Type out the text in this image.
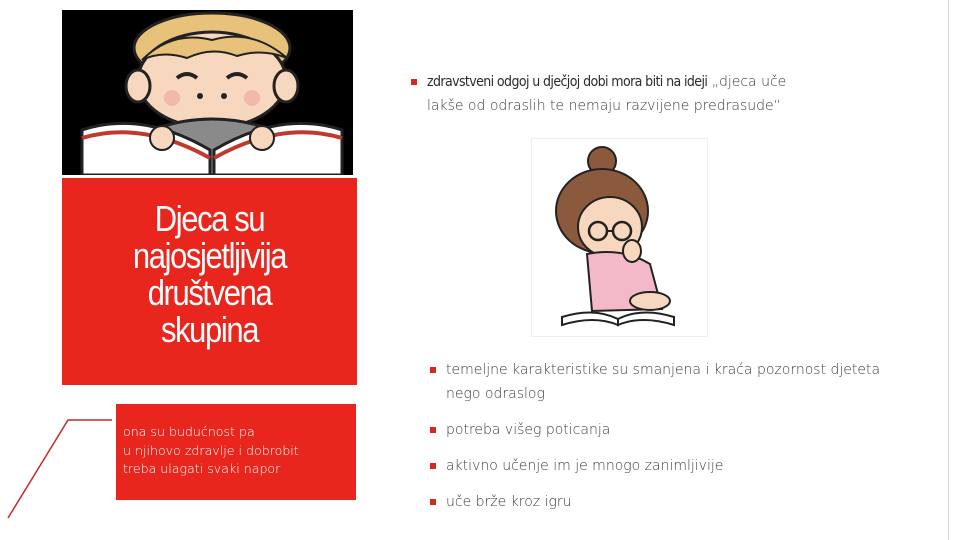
Djeca su
najosjetljivija
društvena
skupina
ona su budućnost pa
u njihovo zdravlje i dobrobit
treba ulagati svaki napor
zdravstveni odgoj u dječjoj dobi mora biti na ideji „djeca uče
lakše od odraslih te nemaju razvijene predrasude“
temeljne karakteristike su smanjena i kraća pozornost djeteta
nego odraslog
potreba višeg poticanja
aktivno učenje im je mnogo zanimljivije
uče brže kroz igru
